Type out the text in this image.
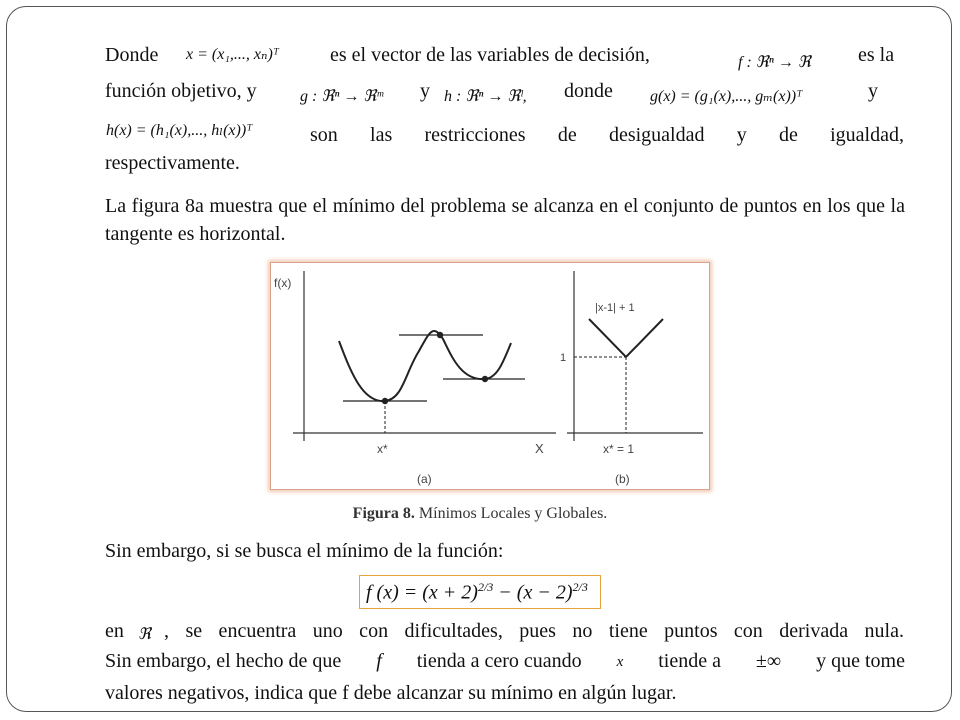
Donde x = (x₁,..., xₙ)ᵀ	es el vector de las variables de decisión,	f : ℜⁿ → ℜ es la
función objetivo, y	g : ℜⁿ → ℜᵐ y h : ℜⁿ → ℜˡ, donde g(x) = (g₁(x),..., gₘ(x))ᵀ	y
h(x) = (h₁(x),..., hₗ(x))ᵀ	son las restricciones de desigualdad y de igualdad,
respectivamente.
La figura 8a muestra que el mínimo del problema se alcanza en el conjunto de puntos en los que la tangente es horizontal.
f(x)
X
x*
(a)
|x-1| + 1
1
x* = 1
(b)
Figura 8. Mínimos Locales y Globales.
Sin embargo, si se busca el mínimo de la función:
f $(x) = (x + 2)^{2/3} - (x - 2)^{2/3}$
en ℜ , se encuentra uno con dificultades, pues no tiene puntos con derivada nula.
Sin embargo, el hecho de que f tienda a cero cuando x tiende a ±∞ y que tome
valores negativos, indica que f debe alcanzar su mínimo en algún lugar.
